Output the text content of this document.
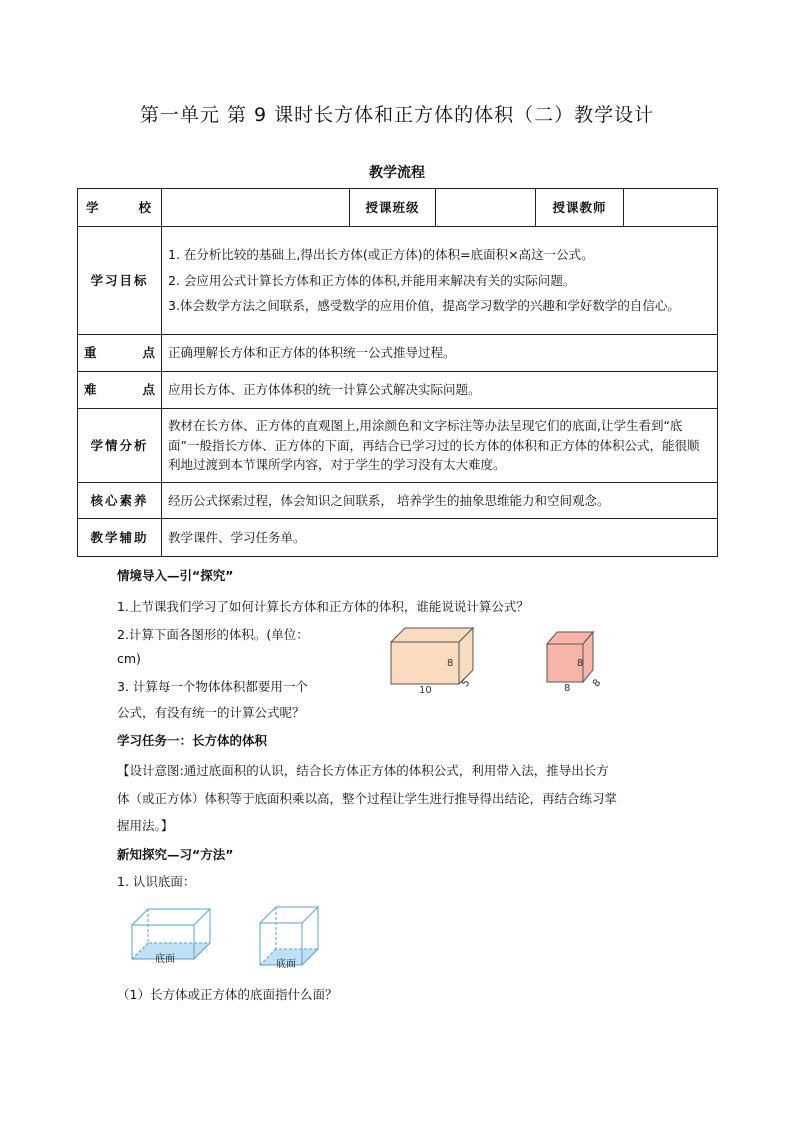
第一单元 第 9 课时长方体和正方体的体积（二）教学设计
教学流程
学      校		授课班级		授课教师	
学习目标	1. 在分析比较的基础上,得出长方体(或正方体)的体积=底面积×高这一公式。
2. 会应用公式计算长方体和正方体的体积,并能用来解决有关的实际问题。
3.体会数学方法之间联系，感受数学的应用价值，提高学习数学的兴趣和学好数学的自信心。				

重 点	正确理解长方体和正方体的体积统一公式推导过程。				
难 点	应用长方体、正方体体积的统一计算公式解决实际问题。				
学情分析	教材在长方体、正方体的直观图上,用涂颜色和文字标注等办法呈现它们的底面,让学生看到“底面”一般指长方体、正方体的下面，再结合已学习过的长方体的体积和正方体的体积公式，能很顺利地过渡到本节课所学内容，对于学生的学习没有太大难度。				
核心素养	经历公式探索过程，体会知识之间联系， 培养学生的抽象思维能力和空间观念。				
教学辅助	教学课件、学习任务单。				
情境导入—引“探究”
1.上节课我们学习了如何计算长方体和正方体的体积，谁能说说计算公式？
2.计算下面各图形的体积。(单位：
cm)
3. 计算每一个物体体积都要用一个
公式，有没有统一的计算公式呢？
8
10
5
8
8 8
学习任务一：长方体的体积
【设计意图:通过底面积的认识，结合长方体正方体的体积公式，利用带入法，推导出长方
体（或正方体）体积等于底面积乘以高，整个过程让学生进行推导得出结论，再结合练习掌
握用法。】
新知探究—习“方法”
1. 认识底面：
底面	底面
（1）长方体或正方体的底面指什么面？
